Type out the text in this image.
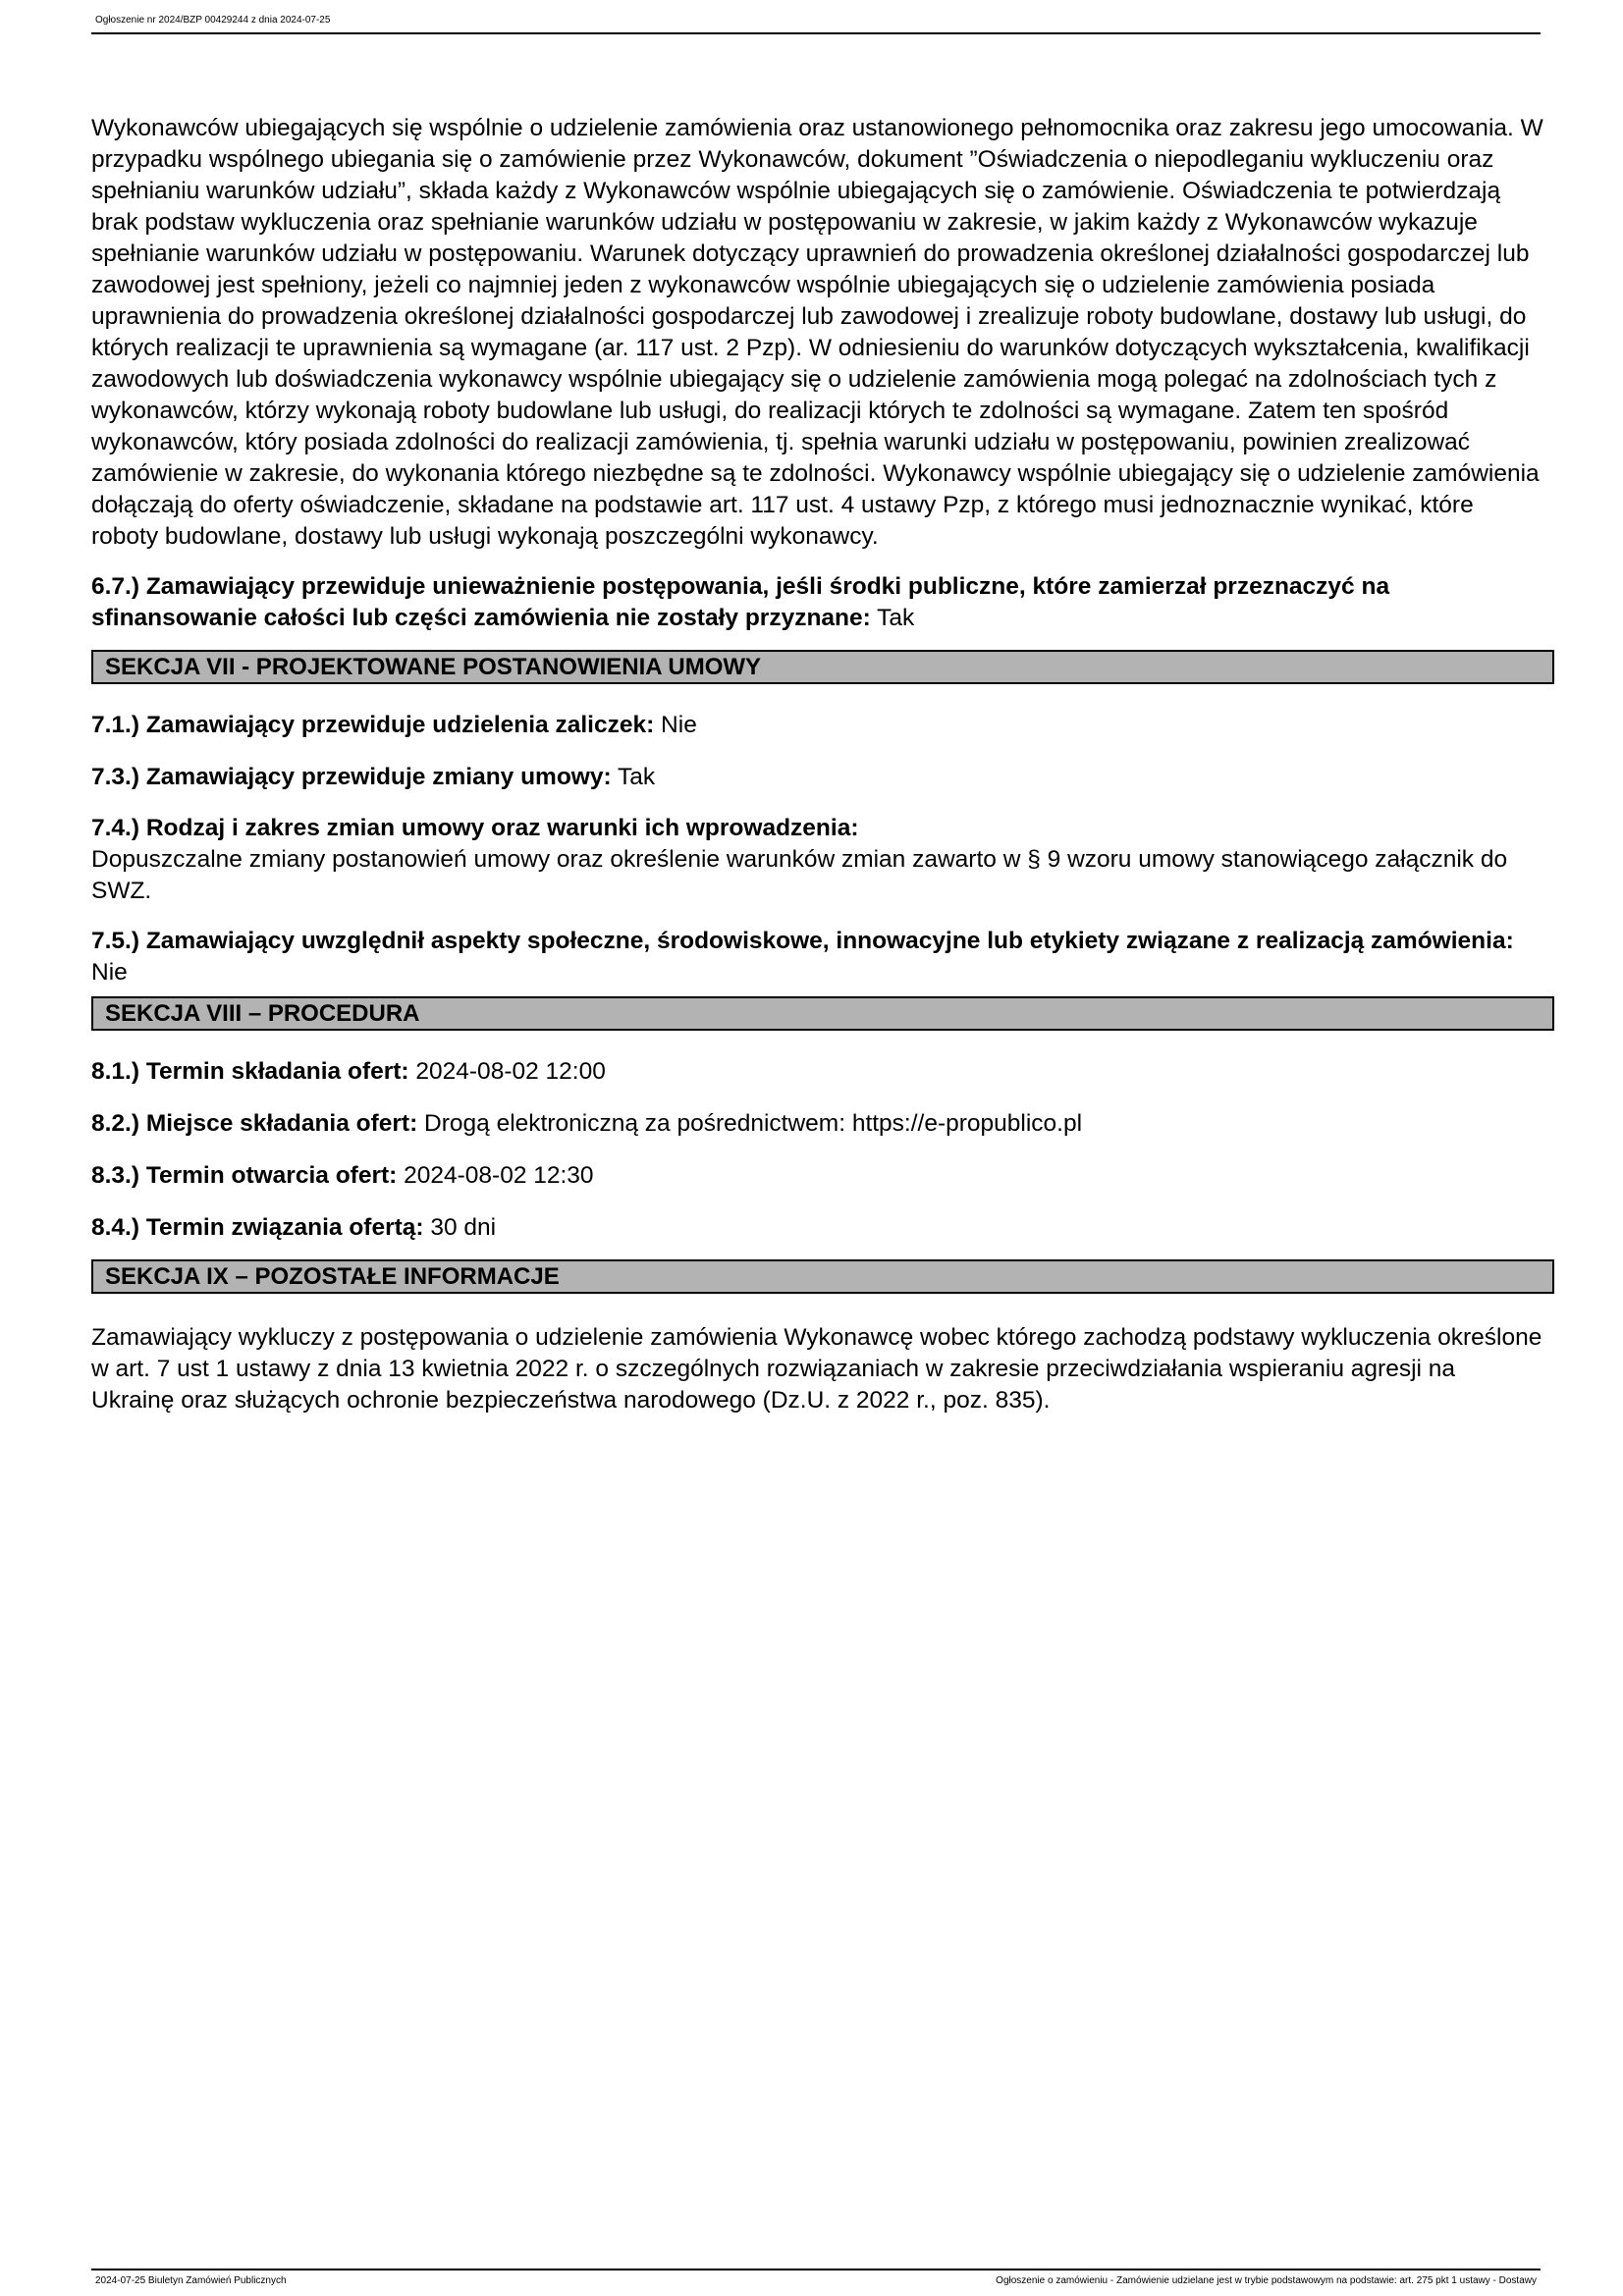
Ogłoszenie nr 2024/BZP 00429244 z dnia 2024-07-25

Wykonawców ubiegających się wspólnie o udzielenie zamówienia oraz ustanowionego pełnomocnika oraz zakresu jego umocowania. W przypadku wspólnego ubiegania się o zamówienie przez Wykonawców, dokument ”Oświadczenia o niepodleganiu wykluczeniu oraz spełnianiu warunków udziału”, składa każdy z Wykonawców wspólnie ubiegających się o zamówienie. Oświadczenia te potwierdzają brak podstaw wykluczenia oraz spełnianie warunków udziału w postępowaniu w zakresie, w jakim każdy z Wykonawców wykazuje spełnianie warunków udziału w postępowaniu. Warunek dotyczący uprawnień do prowadzenia określonej działalności gospodarczej lub zawodowej jest spełniony, jeżeli co najmniej jeden z wykonawców wspólnie ubiegających się o udzielenie zamówienia posiada uprawnienia do prowadzenia określonej działalności gospodarczej lub zawodowej i zrealizuje roboty budowlane, dostawy lub usługi, do których realizacji te uprawnienia są wymagane (ar. 117 ust. 2 Pzp). W odniesieniu do warunków dotyczących wykształcenia, kwalifikacji zawodowych lub doświadczenia wykonawcy wspólnie ubiegający się o udzielenie zamówienia mogą polegać na zdolnościach tych z wykonawców, którzy wykonają roboty budowlane lub usługi, do realizacji których te zdolności są wymagane. Zatem ten spośród wykonawców, który posiada zdolności do realizacji zamówienia, tj. spełnia warunki udziału w postępowaniu, powinien zrealizować zamówienie w zakresie, do wykonania którego niezbędne są te zdolności. Wykonawcy wspólnie ubiegający się o udzielenie zamówienia dołączają do oferty oświadczenie, składane na podstawie art. 117 ust. 4 ustawy Pzp, z którego musi jednoznacznie wynikać, które roboty budowlane, dostawy lub usługi wykonają poszczególni wykonawcy.

6.7.) Zamawiający przewiduje unieważnienie postępowania, jeśli środki publiczne, które zamierzał przeznaczyć na sfinansowanie całości lub części zamówienia nie zostały przyznane: Tak

SEKCJA VII - PROJEKTOWANE POSTANOWIENIA UMOWY

7.1.) Zamawiający przewiduje udzielenia zaliczek: Nie

7.3.) Zamawiający przewiduje zmiany umowy: Tak

7.4.) Rodzaj i zakres zmian umowy oraz warunki ich wprowadzenia:
Dopuszczalne zmiany postanowień umowy oraz określenie warunków zmian zawarto w § 9 wzoru umowy stanowiącego załącznik do SWZ.

7.5.) Zamawiający uwzględnił aspekty społeczne, środowiskowe, innowacyjne lub etykiety związane z realizacją zamówienia: Nie

SEKCJA VIII – PROCEDURA

8.1.) Termin składania ofert: 2024-08-02 12:00

8.2.) Miejsce składania ofert: Drogą elektroniczną za pośrednictwem: https://e-propublico.pl

8.3.) Termin otwarcia ofert: 2024-08-02 12:30

8.4.) Termin związania ofertą: 30 dni

SEKCJA IX – POZOSTAŁE INFORMACJE

Zamawiający wykluczy z postępowania o udzielenie zamówienia Wykonawcę wobec którego zachodzą podstawy wykluczenia określone w art. 7 ust 1 ustawy z dnia 13 kwietnia 2022 r. o szczególnych rozwiązaniach w zakresie przeciwdziałania wspieraniu agresji na Ukrainę oraz służących ochronie bezpieczeństwa narodowego (Dz.U. z 2022 r., poz. 835).

2024-07-25 Biuletyn Zamówień Publicznych	Ogłoszenie o zamówieniu - Zamówienie udzielane jest w trybie podstawowym na podstawie: art. 275 pkt 1 ustawy - Dostawy
